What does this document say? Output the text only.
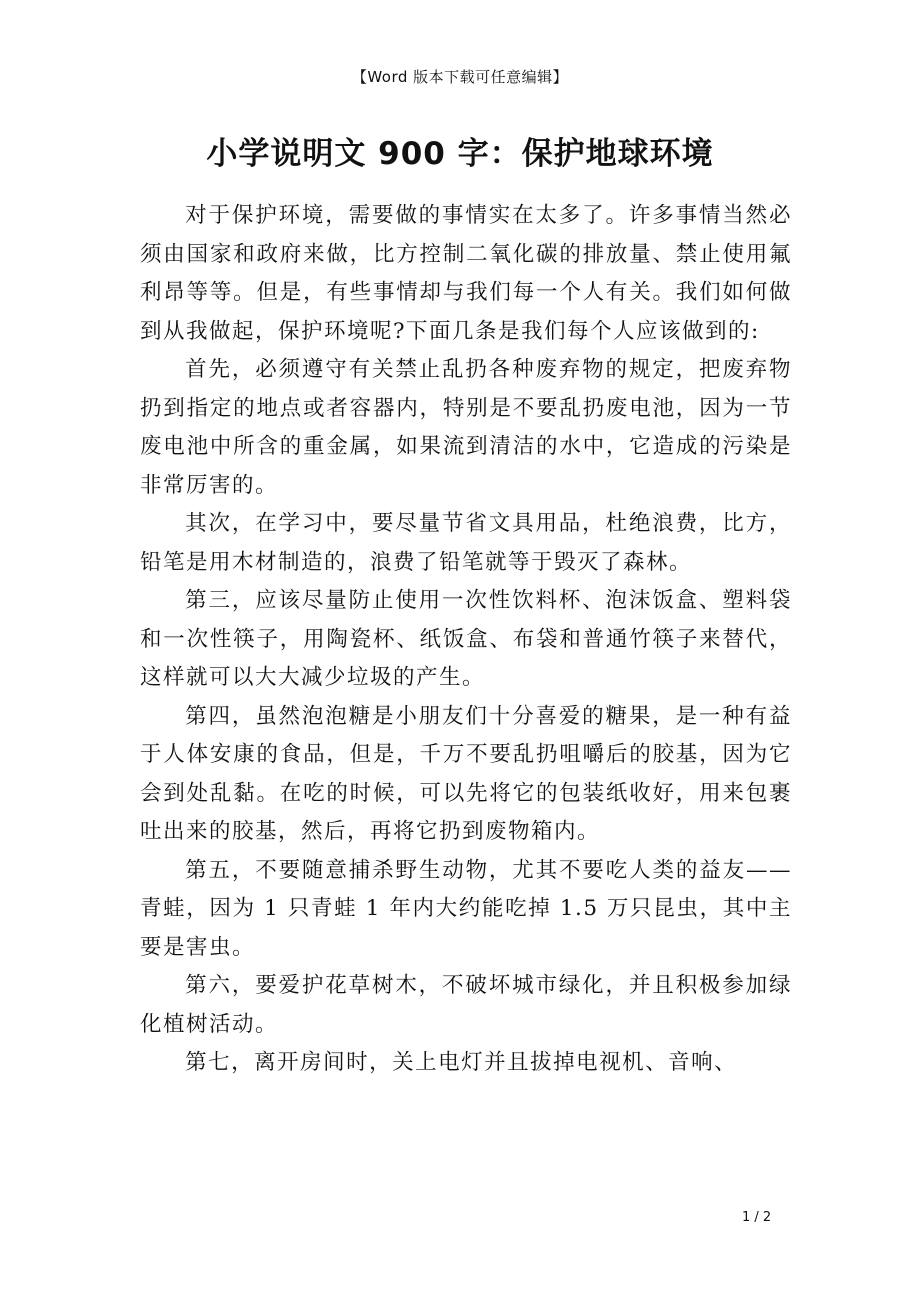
【Word 版本下载可任意编辑】
小学说明文 900 字：保护地球环境

对于保护环境，需要做的事情实在太多了。许多事情当然必须由国家和政府来做，比方控制二氧化碳的排放量、禁止使用氟利昂等等。但是，有些事情却与我们每一个人有关。我们如何做到从我做起，保护环境呢?下面几条是我们每个人应该做到的:

首先，必须遵守有关禁止乱扔各种废弃物的规定，把废弃物扔到指定的地点或者容器内，特别是不要乱扔废电池，因为一节废电池中所含的重金属，如果流到清洁的水中，它造成的污染是非常厉害的。

其次，在学习中，要尽量节省文具用品，杜绝浪费，比方，铅笔是用木材制造的，浪费了铅笔就等于毁灭了森林。

第三，应该尽量防止使用一次性饮料杯、泡沫饭盒、塑料袋和一次性筷子，用陶瓷杯、纸饭盒、布袋和普通竹筷子来替代，这样就可以大大减少垃圾的产生。

第四，虽然泡泡糖是小朋友们十分喜爱的糖果，是一种有益于人体安康的食品，但是，千万不要乱扔咀嚼后的胶基，因为它会到处乱黏。在吃的时候，可以先将它的包装纸收好，用来包裹吐出来的胶基，然后，再将它扔到废物箱内。

第五，不要随意捕杀野生动物，尤其不要吃人类的益友——青蛙，因为 1 只青蛙 1 年内大约能吃掉 1.5 万只昆虫，其中主要是害虫。

第六，要爱护花草树木，不破坏城市绿化，并且积极参加绿化植树活动。

第七，离开房间时，关上电灯并且拔掉电视机、音响、

1 / 2
